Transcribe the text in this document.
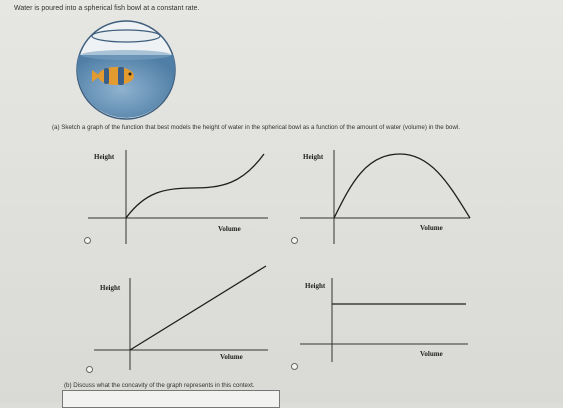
Water is poured into a spherical fish bowl at a constant rate.
(a) Sketch a graph of the function that best models the height of water in the spherical bowl as a function of the amount of water (volume) in the bowl.
Height
Volume
Height
Volume
Height
Volume
Height
Volume
(b) Discuss what the concavity of the graph represents in this context.
